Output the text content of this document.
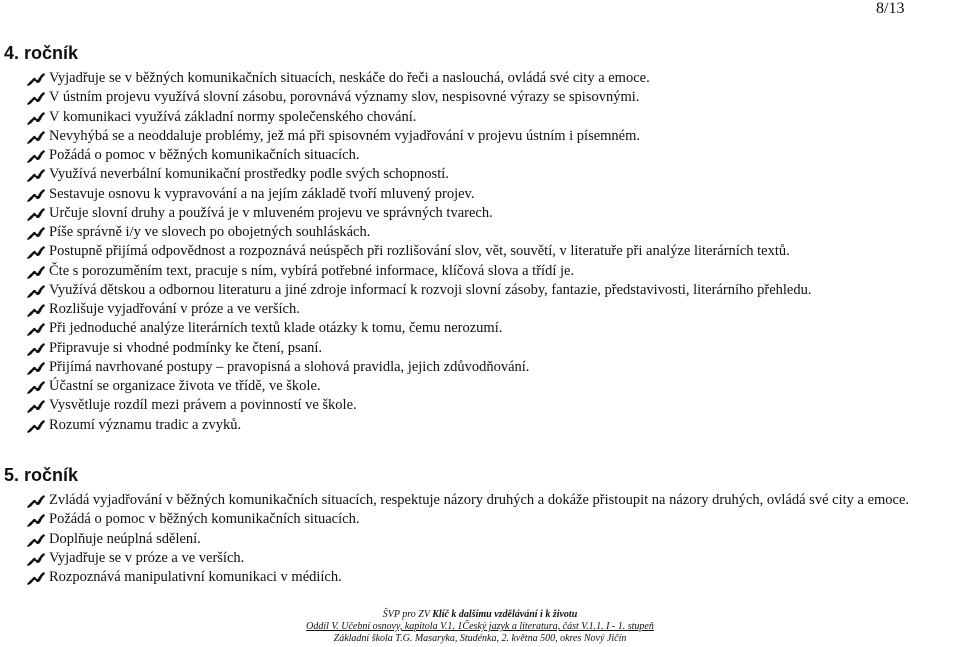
8/13
4. ročník
Vyjadřuje se v běžných komunikačních situacích, neskáče do řeči a naslouchá, ovládá své city a emoce.
V ústním projevu využívá slovní zásobu, porovnává významy slov, nespisovné výrazy se spisovnými.
V komunikaci využívá základní normy společenského chování.
Nevyhýbá se a neoddaluje problémy, jež má při spisovném vyjadřování v projevu ústním i písemném.
Požádá o pomoc v běžných komunikačních situacích.
Využívá neverbální komunikační prostředky podle svých schopností.
Sestavuje osnovu k vypravování a na jejím základě tvoří mluvený projev.
Určuje slovní druhy a používá je v mluveném projevu ve správných tvarech.
Píše správně i/y ve slovech po obojetných souhláskách.
Postupně přijímá odpovědnost a rozpoznává neúspěch při rozlišování slov, vět, souvětí, v literatuře při analýze literárních textů.
Čte s porozuměním text, pracuje s ním, vybírá potřebné informace, klíčová slova a třídí je.
Využívá dětskou a odbornou literaturu a jiné zdroje informací k rozvoji slovní zásoby, fantazie, představivosti, literárního přehledu.
Rozlišuje vyjadřování v próze a ve verších.
Při jednoduché analýze literárních textů klade otázky k tomu, čemu nerozumí.
Připravuje si vhodné podmínky ke čtení, psaní.
Přijímá navrhované postupy – pravopisná a slohová pravidla, jejich zdůvodňování.
Účastní se organizace života ve třídě, ve škole.
Vysvětluje rozdíl mezi právem a povinností ve škole.
Rozumí významu tradic a zvyků.
5. ročník
Zvládá vyjadřování v běžných komunikačních situacích, respektuje názory druhých a dokáže přistoupit na názory druhých, ovládá své city a emoce.
Požádá o pomoc v běžných komunikačních situacích.
Doplňuje neúplná sdělení.
Vyjadřuje se v próze a ve verších.
Rozpoznává manipulativní komunikaci v médiích.
ŠVP pro ZV Klíč k dalšímu vzdělávání i k životu
Oddíl V. Učební osnovy, kapitola V.1. 1Český jazyk a literatura, část V.1.1. I - 1. stupeň
Základní škola T.G. Masaryka, Studénka, 2. května 500, okres Nový Jičín
